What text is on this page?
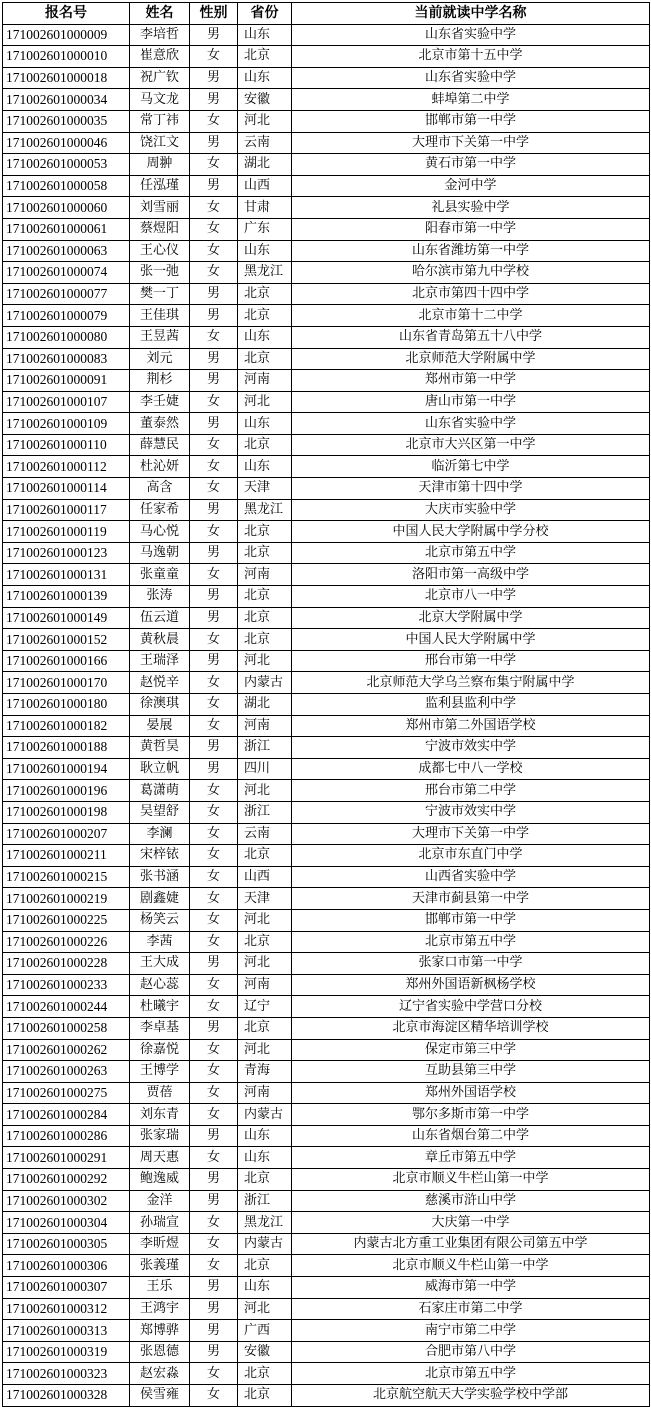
报名号	姓名	性别	省份	当前就读中学名称
171002601000009	李培哲	男	山东	山东省实验中学
171002601000010	崔意欣	女	北京	北京市第十五中学
171002601000018	祝广钦	男	山东	山东省实验中学
171002601000034	马文龙	男	安徽	蚌埠第二中学
171002601000035	常丁祎	女	河北	邯郸市第一中学
171002601000046	饶江文	男	云南	大理市下关第一中学
171002601000053	周翀	女	湖北	黄石市第一中学
171002601000058	任泓瑾	男	山西	金河中学
171002601000060	刘雪丽	女	甘肃	礼县实验中学
171002601000061	蔡煜阳	女	广东	阳春市第一中学
171002601000063	王心仪	女	山东	山东省潍坊第一中学
171002601000074	张一弛	女	黑龙江	哈尔滨市第九中学校
171002601000077	樊一丁	男	北京	北京市第四十四中学
171002601000079	王佳琪	男	北京	北京市第十二中学
171002601000080	王昱茜	女	山东	山东省青岛第五十八中学
171002601000083	刘元	男	北京	北京师范大学附属中学
171002601000091	荆杉	男	河南	郑州市第一中学
171002601000107	李壬婕	女	河北	唐山市第一中学
171002601000109	董泰然	男	山东	山东省实验中学
171002601000110	薛慧民	女	北京	北京市大兴区第一中学
171002601000112	杜沁妍	女	山东	临沂第七中学
171002601000114	高含	女	天津	天津市第十四中学
171002601000117	任家希	男	黑龙江	大庆市实验中学
171002601000119	马心悦	女	北京	中国人民大学附属中学分校
171002601000123	马逸朝	男	北京	北京市第五中学
171002601000131	张童童	女	河南	洛阳市第一高级中学
171002601000139	张涛	男	北京	北京市八一中学
171002601000149	伍云道	男	北京	北京大学附属中学
171002601000152	黄秋晨	女	北京	中国人民大学附属中学
171002601000166	王瑞泽	男	河北	邢台市第一中学
171002601000170	赵悦辛	女	内蒙古	北京师范大学乌兰察布集宁附属中学
171002601000180	徐澳琪	女	湖北	监利县监利中学
171002601000182	晏展	女	河南	郑州市第二外国语学校
171002601000188	黄哲昊	男	浙江	宁波市效实中学
171002601000194	耿立帆	男	四川	成都七中八一学校
171002601000196	葛潇萌	女	河北	邢台市第二中学
171002601000198	吴望舒	女	浙江	宁波市效实中学
171002601000207	李澜	女	云南	大理市下关第一中学
171002601000211	宋梓铱	女	北京	北京市东直门中学
171002601000215	张书涵	女	山西	山西省实验中学
171002601000219	剧鑫婕	女	天津	天津市蓟县第一中学
171002601000225	杨笑云	女	河北	邯郸市第一中学
171002601000226	李茜	女	北京	北京市第五中学
171002601000228	王大成	男	河北	张家口市第一中学
171002601000233	赵心蕊	女	河南	郑州外国语新枫杨学校
171002601000244	杜曦宇	女	辽宁	辽宁省实验中学营口分校
171002601000258	李卓基	男	北京	北京市海淀区精华培训学校
171002601000262	徐嘉悦	女	河北	保定市第三中学
171002601000263	王博学	女	青海	互助县第三中学
171002601000275	贾蓓	女	河南	郑州外国语学校
171002601000284	刘东青	女	内蒙古	鄂尔多斯市第一中学
171002601000286	张家瑞	男	山东	山东省烟台第二中学
171002601000291	周天惠	女	山东	章丘市第五中学
171002601000292	鲍逸威	男	北京	北京市顺义牛栏山第一中学
171002601000302	金洋	男	浙江	慈溪市浒山中学
171002601000304	孙瑞宣	女	黑龙江	大庆第一中学
171002601000305	李昕煜	女	内蒙古	内蒙古北方重工业集团有限公司第五中学
171002601000306	张義瑾	女	北京	北京市顺义牛栏山第一中学
171002601000307	王乐	男	山东	威海市第一中学
171002601000312	王鸿宇	男	河北	石家庄市第二中学
171002601000313	郑博骅	男	广西	南宁市第二中学
171002601000319	张恩德	男	安徽	合肥市第八中学
171002601000323	赵宏淼	女	北京	北京市第五中学
171002601000328	侯雪雍	女	北京	北京航空航天大学实验学校中学部
